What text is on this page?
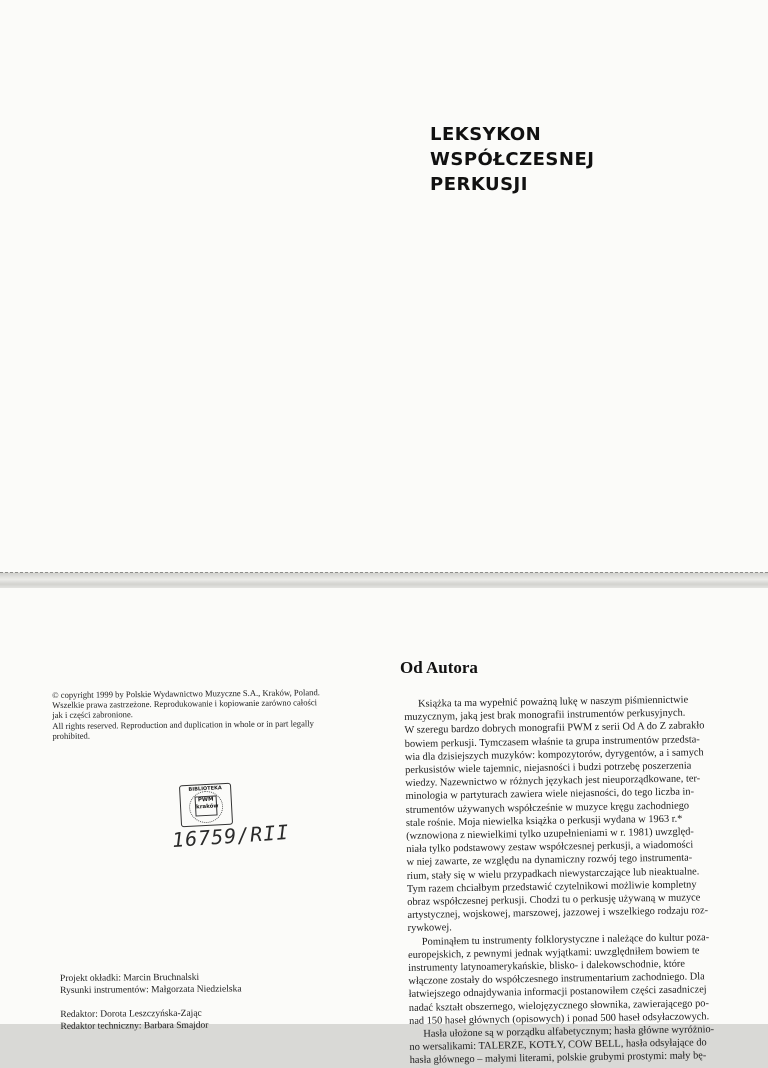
LEKSYKON
WSPÓŁCZESNEJ
PERKUSJI
© copyright 1999 by Polskie Wydawnictwo Muzyczne S.A., Kraków, Poland.
Wszelkie prawa zastrzeżone. Reprodukowanie i kopiowanie zarówno całości
jak i części zabronione.
All rights reserved. Reproduction and duplication in whole or in part legally
prohibited.
BIBLIOTEKA
PWM
kraków
16759/RII
Projekt okładki: Marcin Bruchnalski
Rysunki instrumentów: Małgorzata Niedzielska
Redaktor: Dorota Leszczyńska-Zając
Redaktor techniczny: Barbara Smajdor
Od Autora
Książka ta ma wypełnić poważną lukę w naszym piśmiennictwie
muzycznym, jaką jest brak monografii instrumentów perkusyjnych.
W szeregu bardzo dobrych monografii PWM z serii Od A do Z zabrakło
bowiem perkusji. Tymczasem właśnie ta grupa instrumentów przedsta-
wia dla dzisiejszych muzyków: kompozytorów, dyrygentów, a i samych
perkusistów wiele tajemnic, niejasności i budzi potrzebę poszerzenia
wiedzy. Nazewnictwo w różnych językach jest nieuporządkowane, ter-
minologia w partyturach zawiera wiele niejasności, do tego liczba in-
strumentów używanych współcześnie w muzyce kręgu zachodniego
stale rośnie. Moja niewielka książka o perkusji wydana w 1963 r.*
(wznowiona z niewielkimi tylko uzupełnieniami w r. 1981) uwzględ-
niała tylko podstawowy zestaw współczesnej perkusji, a wiadomości
w niej zawarte, ze względu na dynamiczny rozwój tego instrumenta-
rium, stały się w wielu przypadkach niewystarczające lub nieaktualne.
Tym razem chciałbym przedstawić czytelnikowi możliwie kompletny
obraz współczesnej perkusji. Chodzi tu o perkusję używaną w muzyce
artystycznej, wojskowej, marszowej, jazzowej i wszelkiego rodzaju roz-
rywkowej.
Pominąłem tu instrumenty folklorystyczne i należące do kultur poza-
europejskich, z pewnymi jednak wyjątkami: uwzględniłem bowiem te
instrumenty latynoamerykańskie, blisko- i dalekowschodnie, które
włączone zostały do współczesnego instrumentarium zachodniego. Dla
łatwiejszego odnajdywania informacji postanowiłem części zasadniczej
nadać kształt obszernego, wielojęzycznego słownika, zawierającego po-
nad 150 haseł głównych (opisowych) i ponad 500 haseł odsyłaczowych.
Hasła ułożone są w porządku alfabetycznym; hasła główne wyróżnio-
no wersalikami: TALERZE, KOTŁY, COW BELL, hasła odsyłające do
hasła głównego – małymi literami, polskie grubymi prostymi: mały bę-
